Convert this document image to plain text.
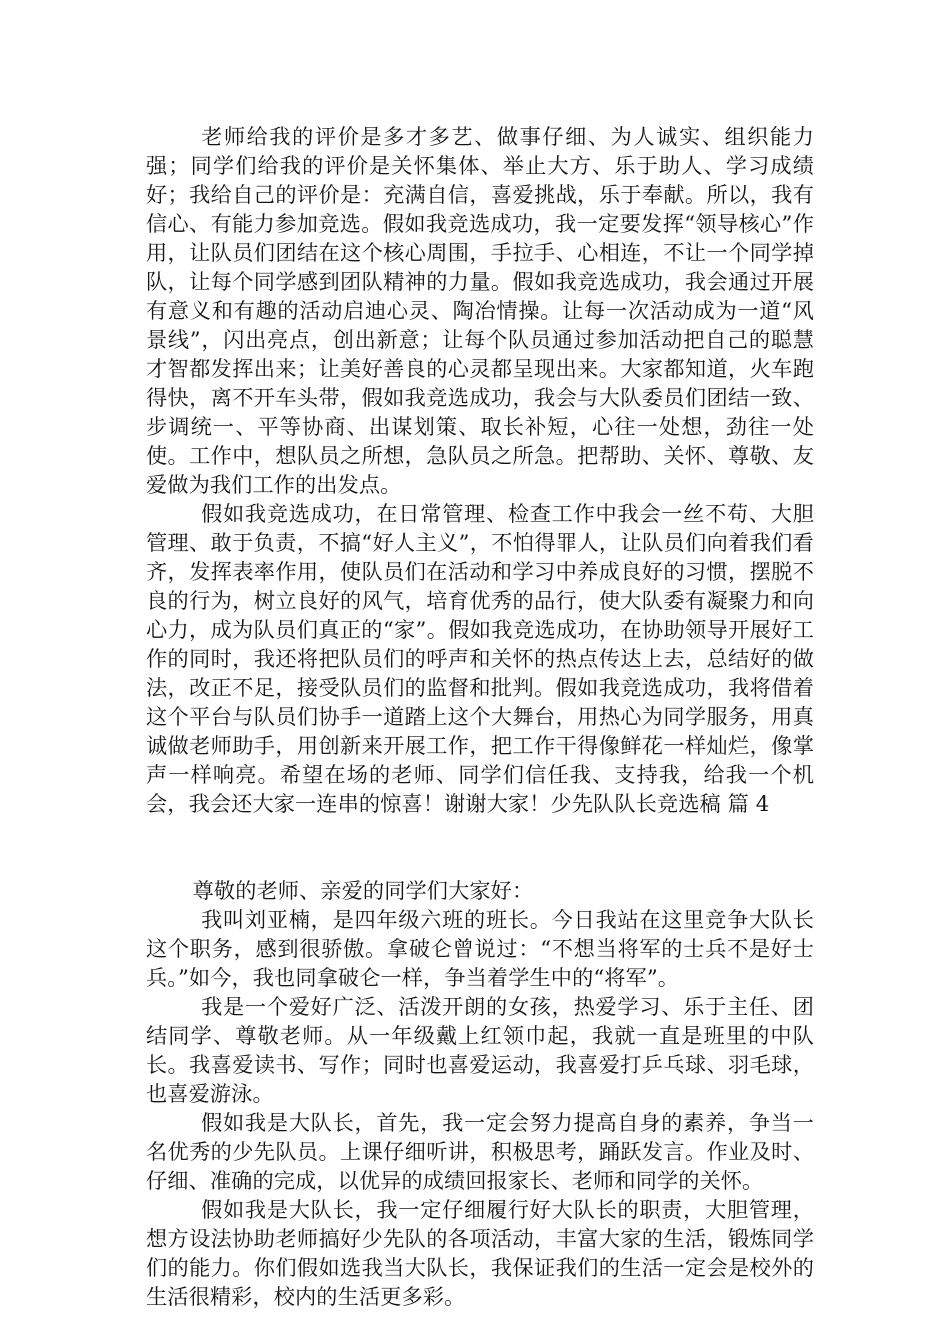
老师给我的评价是多才多艺、做事仔细、为人诚实、组织能力强；同学们给我的评价是关怀集体、举止大方、乐于助人、学习成绩好；我给自己的评价是：充满自信，喜爱挑战，乐于奉献。所以，我有信心、有能力参加竞选。假如我竞选成功，我一定要发挥“领导核心”作用，让队员们团结在这个核心周围，手拉手、心相连，不让一个同学掉队，让每个同学感到团队精神的力量。假如我竞选成功，我会通过开展有意义和有趣的活动启迪心灵、陶冶情操。让每一次活动成为一道“风景线”，闪出亮点，创出新意；让每个队员通过参加活动把自己的聪慧才智都发挥出来；让美好善良的心灵都呈现出来。大家都知道，火车跑得快，离不开车头带，假如我竞选成功，我会与大队委员们团结一致、步调统一、平等协商、出谋划策、取长补短，心往一处想，劲往一处使。工作中，想队员之所想，急队员之所急。把帮助、关怀、尊敬、友爱做为我们工作的出发点。

假如我竞选成功，在日常管理、检查工作中我会一丝不苟、大胆管理、敢于负责，不搞“好人主义”，不怕得罪人，让队员们向着我们看齐，发挥表率作用，使队员们在活动和学习中养成良好的习惯，摆脱不良的行为，树立良好的风气，培育优秀的品行，使大队委有凝聚力和向心力，成为队员们真正的“家”。假如我竞选成功，在协助领导开展好工作的同时，我还将把队员们的呼声和关怀的热点传达上去，总结好的做法，改正不足，接受队员们的监督和批判。假如我竞选成功，我将借着这个平台与队员们协手一道踏上这个大舞台，用热心为同学服务，用真诚做老师助手，用创新来开展工作，把工作干得像鲜花一样灿烂，像掌声一样响亮。希望在场的老师、同学们信任我、支持我，给我一个机会，我会还大家一连串的惊喜！谢谢大家！少先队队长竞选稿 篇 4

尊敬的老师、亲爱的同学们大家好：

我叫刘亚楠，是四年级六班的班长。今日我站在这里竞争大队长这个职务，感到很骄傲。拿破仑曾说过：“不想当将军的士兵不是好士兵。”如今，我也同拿破仑一样，争当着学生中的“将军”。

我是一个爱好广泛、活泼开朗的女孩，热爱学习、乐于主任、团结同学、尊敬老师。从一年级戴上红领巾起，我就一直是班里的中队长。我喜爱读书、写作；同时也喜爱运动，我喜爱打乒乓球、羽毛球，也喜爱游泳。

假如我是大队长，首先，我一定会努力提高自身的素养，争当一名优秀的少先队员。上课仔细听讲，积极思考，踊跃发言。作业及时、仔细、准确的完成，以优异的成绩回报家长、老师和同学的关怀。

假如我是大队长，我一定仔细履行好大队长的职责，大胆管理，想方设法协助老师搞好少先队的各项活动，丰富大家的生活，锻炼同学们的能力。你们假如选我当大队长，我保证我们的生活一定会是校外的生活很精彩，校内的生活更多彩。
